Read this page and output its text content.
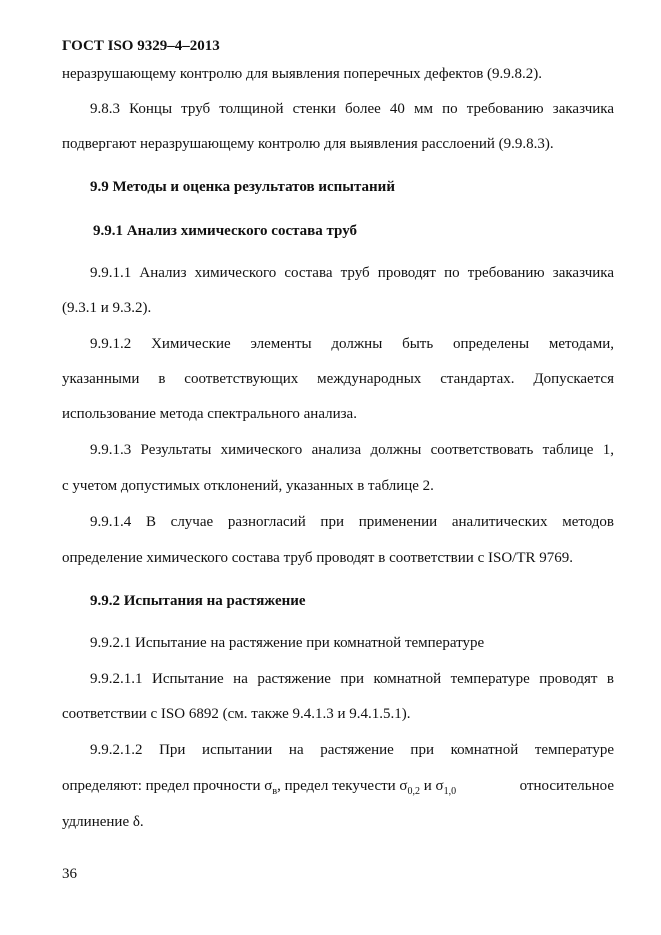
ГОСТ ISO 9329–4–2013
неразрушающему контролю для выявления поперечных дефектов (9.9.8.2).
9.8.3 Концы труб толщиной стенки более 40 мм по требованию заказчика
подвергают неразрушающему контролю для выявления расслоений (9.9.8.3).
9.9 Методы и оценка результатов испытаний
9.9.1 Анализ химического состава труб
9.9.1.1 Анализ химического состава труб проводят по требованию заказчика
(9.3.1 и 9.3.2).
9.9.1.2 Химические элементы должны быть определены методами,
указанными в соответствующих международных стандартах. Допускается
использование метода спектрального анализа.
9.9.1.3 Результаты химического анализа должны соответствовать таблице 1,
с учетом допустимых отклонений, указанных в таблице 2.
9.9.1.4 В случае разногласий при применении аналитических методов
определение химического состава труб проводят в соответствии с ISO/TR 9769.
9.9.2 Испытания на растяжение
9.9.2.1 Испытание на растяжение при комнатной температуре
9.9.2.1.1 Испытание на растяжение при комнатной температуре проводят в
соответствии с ISO 6892 (см. также 9.4.1.3 и 9.4.1.5.1).
9.9.2.1.2 При испытании на растяжение при комнатной температуре
определяют: предел прочности $\sigma_в$, предел текучести $\sigma_{0,2}$ и $\sigma_{1,0}$	относительное
удлинение δ.
36
